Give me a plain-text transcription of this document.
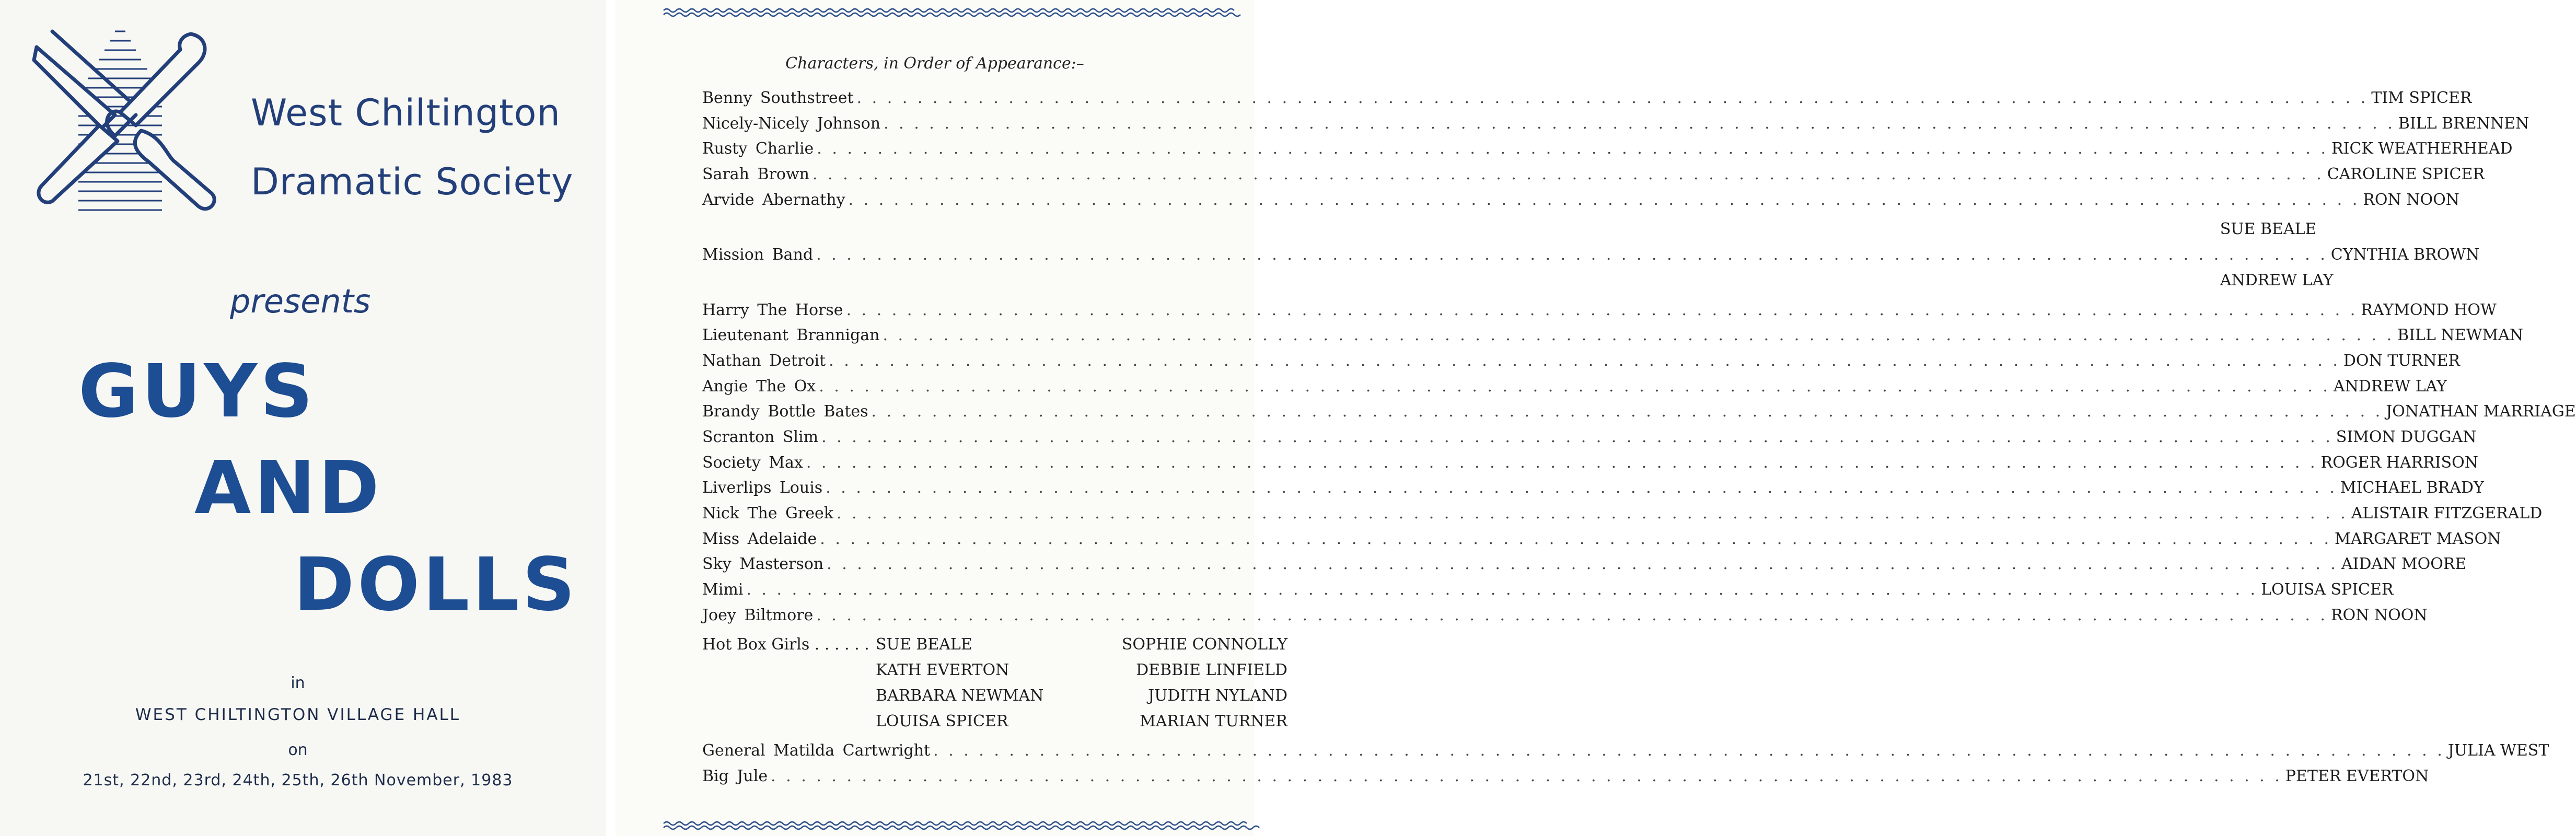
West Chiltington
Dramatic Society
presents
GUYS
AND
DOLLS
in
WEST CHILTINGTON VILLAGE HALL
on
21st, 22nd, 23rd, 24th, 25th, 26th November, 1983
Characters, in Order of Appearance:–
Benny Southstreet . . .	TIM SPICER
Nicely-Nicely Johnson . . .	BILL BRENNEN
Rusty Charlie . . .	RICK WEATHERHEAD
Sarah Brown . . .	CAROLINE SPICER
Arvide Abernathy . . .	RON NOON
SUE BEALE
Mission Band . . .	CYNTHIA BROWN
ANDREW LAY
Harry The Horse . . .	RAYMOND HOW
Lieutenant Brannigan . . .	BILL NEWMAN
Nathan Detroit . . .	DON TURNER
Angie The Ox . . .	ANDREW LAY
Brandy Bottle Bates . . .	JONATHAN MARRIAGE
Scranton Slim . . .	SIMON DUGGAN
Society Max . . .	ROGER HARRISON
Liverlips Louis . . .	MICHAEL BRADY
Nick The Greek . . .	ALISTAIR FITZGERALD
Miss Adelaide . . .	MARGARET MASON
Sky Masterson . . .	AIDAN MOORE
Mimi . . .	LOUISA SPICER
Joey Biltmore . . .	RON NOON
Hot Box Girls . . . . . . SUE BEALE	SOPHIE CONNOLLY
KATH EVERTON	DEBBIE LINFIELD
BARBARA NEWMAN	JUDITH NYLAND
LOUISA SPICER	MARIAN TURNER
General Matilda Cartwright . . .	JULIA WEST
Big Jule . . .	PETER EVERTON
